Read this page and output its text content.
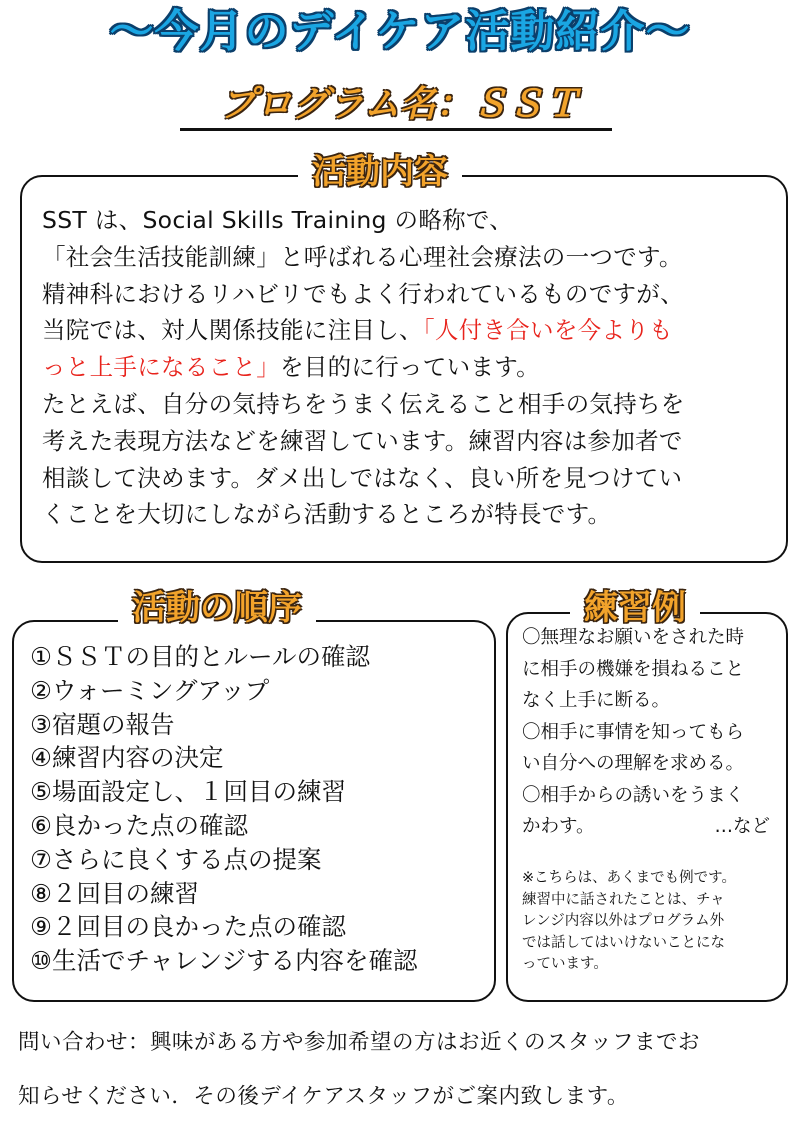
〜今月のデイケア活動紹介〜
プログラム名：ＳＳＴ
活動内容
SST は、Social Skills Training の略称で、
「社会生活技能訓練」と呼ばれる心理社会療法の一つです。
精神科におけるリハビリでもよく行われているものですが、
当院では、対人関係技能に注目し、「人付き合いを今よりも
っと上手になること」を目的に行っています。
たとえば、自分の気持ちをうまく伝えること相手の気持ちを
考えた表現方法などを練習しています。練習内容は参加者で
相談して決めます。ダメ出しではなく、良い所を見つけてい
くことを大切にしながら活動するところが特長です。
活動の順序
①ＳＳＴの目的とルールの確認
②ウォーミングアップ
③宿題の報告
④練習内容の決定
⑤場面設定し、１回目の練習
⑥良かった点の確認
⑦さらに良くする点の提案
⑧２回目の練習
⑨２回目の良かった点の確認
⑩生活でチャレンジする内容を確認
練習例
〇無理なお願いをされた時
に相手の機嫌を損ねること
なく上手に断る。
〇相手に事情を知ってもら
い自分への理解を求める。
〇相手からの誘いをうまく
かわす。	…など
※こちらは、あくまでも例です。
練習中に話されたことは、チャ
レンジ内容以外はプログラム外
では話してはいけないことにな
っています。
問い合わせ：興味がある方や参加希望の方はお近くのスタッフまでお
知らせください．その後デイケアスタッフがご案内致します。
